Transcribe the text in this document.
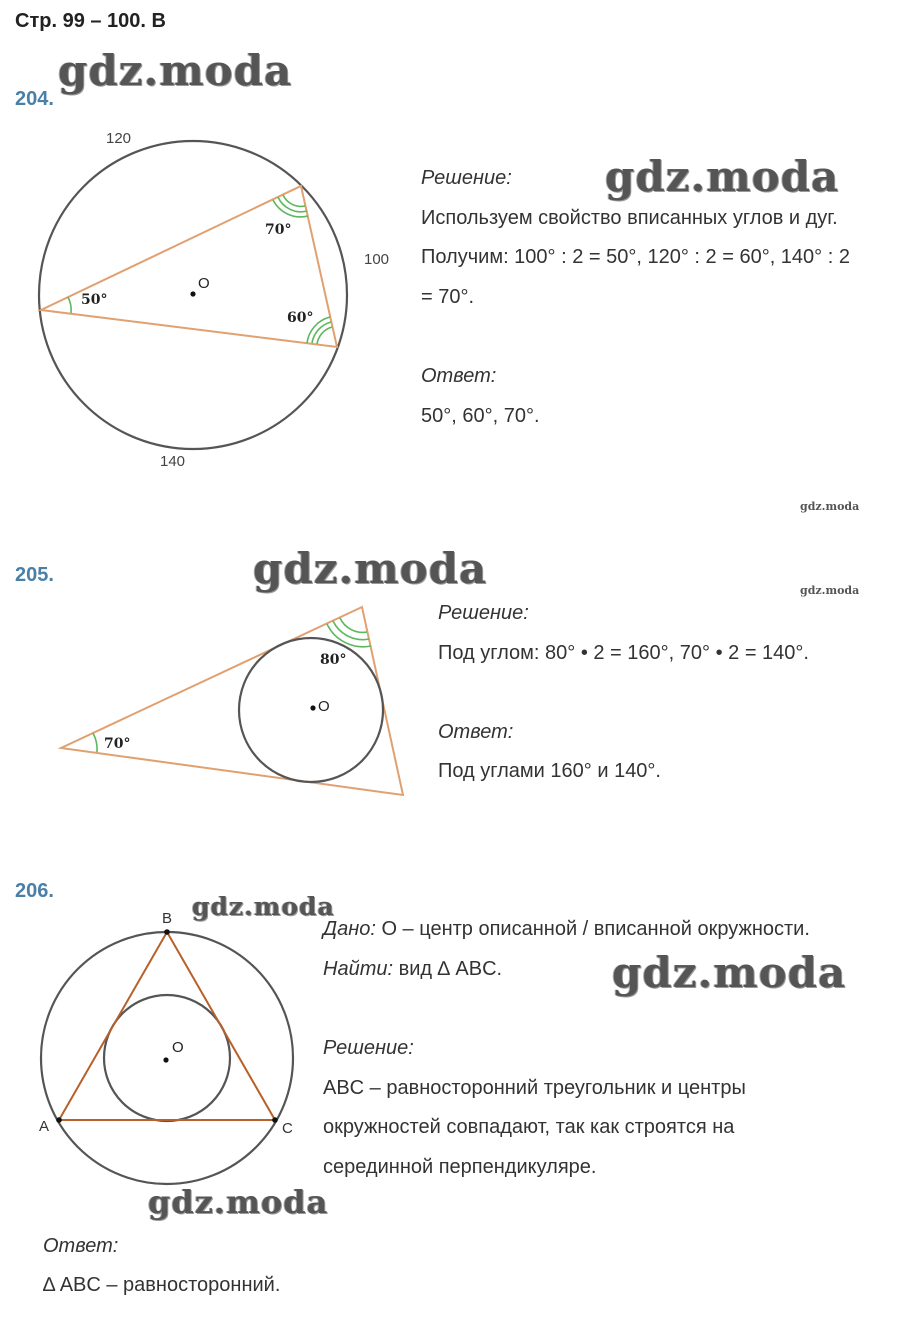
Стр. 99 – 100. В
gdz.moda
gdz.moda
gdz.moda
gdz.moda	gdz.moda
gdz.moda
gdz.moda
gdz.moda
204.
O
120
100
140
70°
50°
60°
Решение:
Используем свойство вписанных углов и дуг.
Получим: 100° : 2 = 50°, 120° : 2 = 60°, 140° : 2
= 70°.
Ответ:
50°, 60°, 70°.
205.
O
80°
70°
Решение:
Под углом: 80° • 2 = 160°, 70° • 2 = 140°.
Ответ:
Под углами 160° и 140°.
206.
B
A	C
O
Дано: O – центр описанной / вписанной окружности.
Найти: вид ∆ ABC.
Решение:
ABC – равносторонний треугольник и центры
окружностей совпадают, так как строятся на
серединной перпендикуляре.
Ответ:
∆ ABC – равносторонний.
